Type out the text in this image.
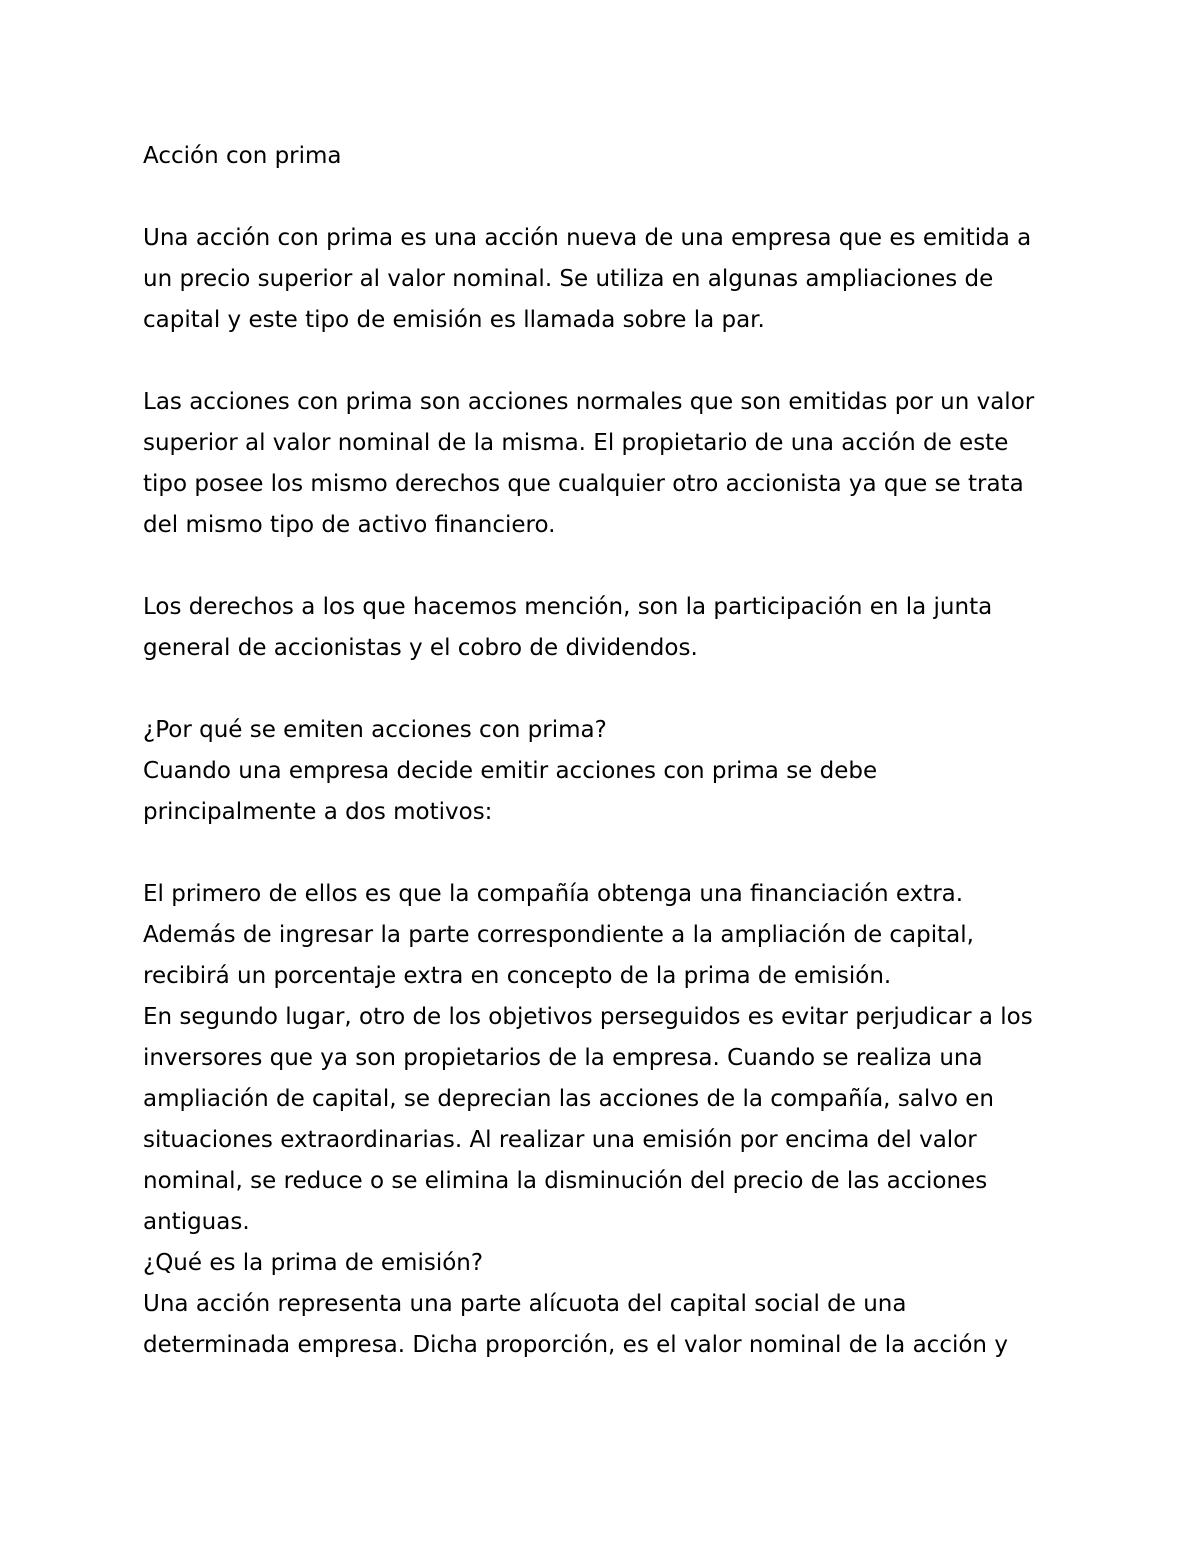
Acción con prima
Una acción con prima es una acción nueva de una empresa que es emitida a
un precio superior al valor nominal. Se utiliza en algunas ampliaciones de
capital y este tipo de emisión es llamada sobre la par.
Las acciones con prima son acciones normales que son emitidas por un valor
superior al valor nominal de la misma. El propietario de una acción de este
tipo posee los mismo derechos que cualquier otro accionista ya que se trata
del mismo tipo de activo financiero.
Los derechos a los que hacemos mención, son la participación en la junta
general de accionistas y el cobro de dividendos.
¿Por qué se emiten acciones con prima?
Cuando una empresa decide emitir acciones con prima se debe
principalmente a dos motivos:
El primero de ellos es que la compañía obtenga una financiación extra.
Además de ingresar la parte correspondiente a la ampliación de capital,
recibirá un porcentaje extra en concepto de la prima de emisión.
En segundo lugar, otro de los objetivos perseguidos es evitar perjudicar a los
inversores que ya son propietarios de la empresa. Cuando se realiza una
ampliación de capital, se deprecian las acciones de la compañía, salvo en
situaciones extraordinarias. Al realizar una emisión por encima del valor
nominal, se reduce o se elimina la disminución del precio de las acciones
antiguas.
¿Qué es la prima de emisión?
Una acción representa una parte alícuota del capital social de una
determinada empresa. Dicha proporción, es el valor nominal de la acción y
